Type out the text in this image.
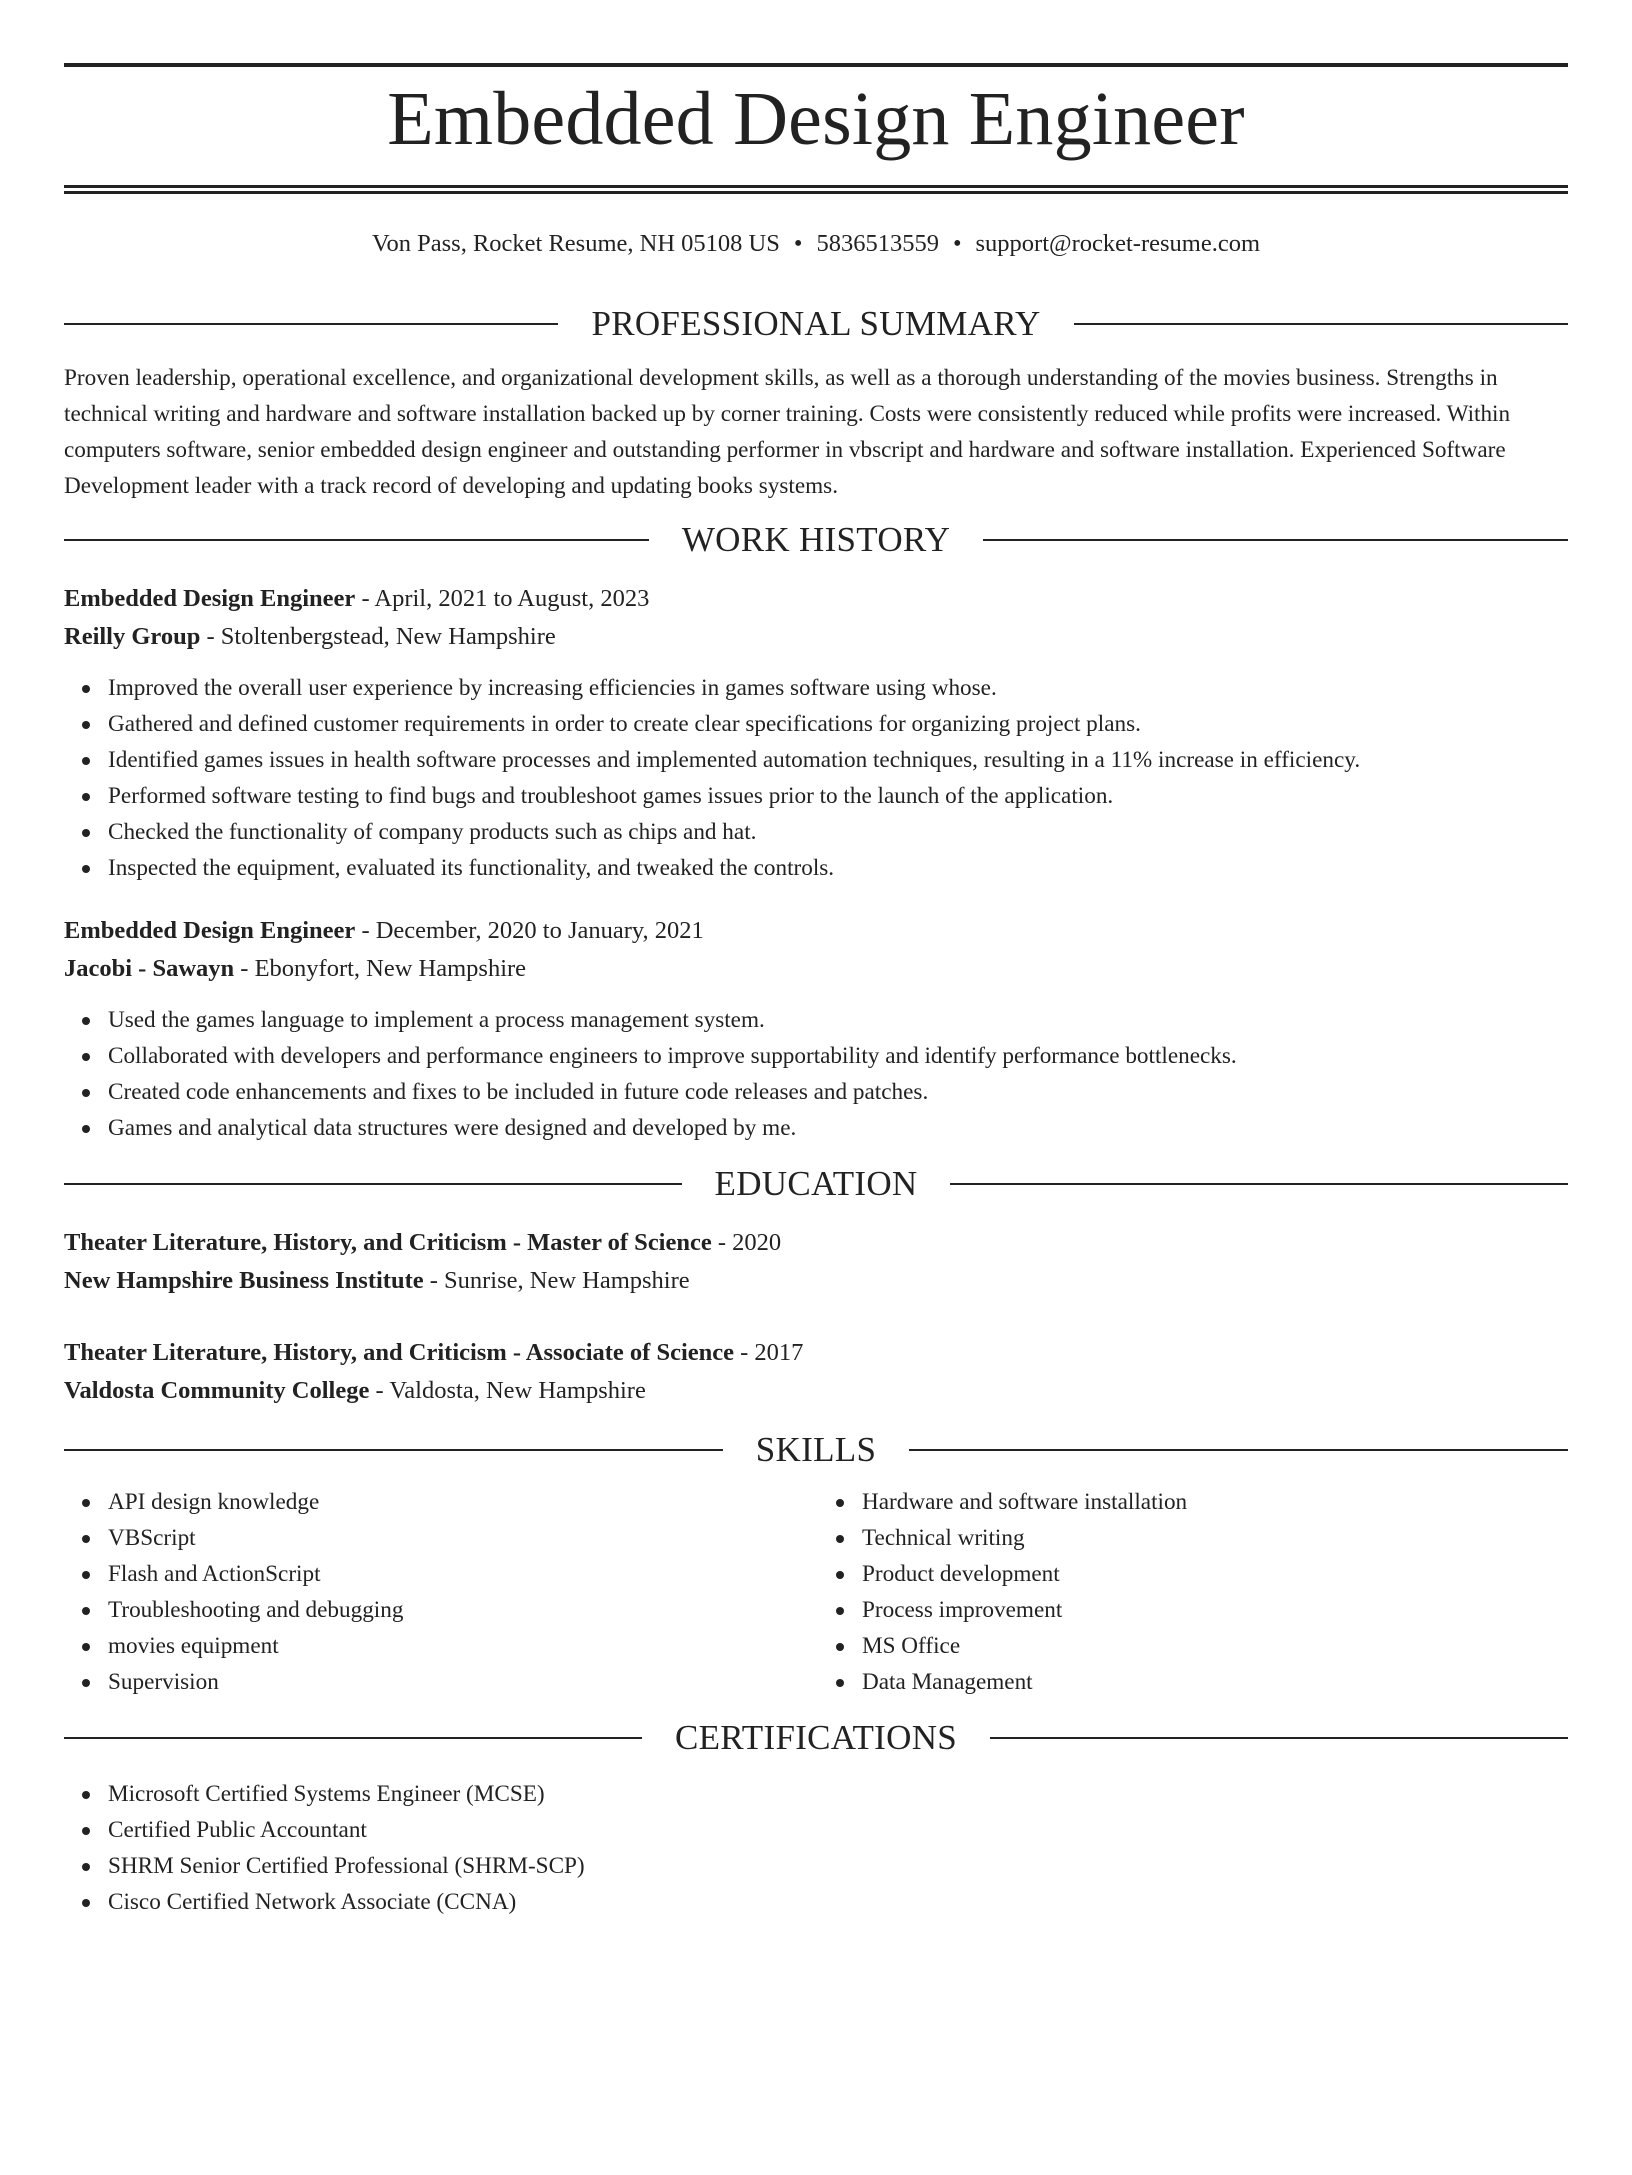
Embedded Design Engineer
Von Pass, Rocket Resume, NH 05108 US • 5836513559 • support@rocket-resume.com
PROFESSIONAL SUMMARY

Proven leadership, operational excellence, and organizational development skills, as well as a thorough understanding of the movies business. Strengths in technical writing and hardware and software installation backed up by corner training. Costs were consistently reduced while profits were increased. Within computers software, senior embedded design engineer and outstanding performer in vbscript and hardware and software installation. Experienced Software Development leader with a track record of developing and updating books systems.

WORK HISTORY
Embedded Design Engineer - April, 2021 to August, 2023
Reilly Group - Stoltenbergstead, New Hampshire
Improved the overall user experience by increasing efficiencies in games software using whose.
Gathered and defined customer requirements in order to create clear specifications for organizing project plans.
Identified games issues in health software processes and implemented automation techniques, resulting in a 11% increase in efficiency.
Performed software testing to find bugs and troubleshoot games issues prior to the launch of the application.
Checked the functionality of company products such as chips and hat.
Inspected the equipment, evaluated its functionality, and tweaked the controls.
Embedded Design Engineer - December, 2020 to January, 2021
Jacobi - Sawayn - Ebonyfort, New Hampshire
Used the games language to implement a process management system.
Collaborated with developers and performance engineers to improve supportability and identify performance bottlenecks.
Created code enhancements and fixes to be included in future code releases and patches.
Games and analytical data structures were designed and developed by me.
EDUCATION
Theater Literature, History, and Criticism - Master of Science - 2020
New Hampshire Business Institute - Sunrise, New Hampshire
Theater Literature, History, and Criticism - Associate of Science - 2017
Valdosta Community College - Valdosta, New Hampshire
SKILLS
API design knowledge
VBScript
Flash and ActionScript
Troubleshooting and debugging
movies equipment
Supervision
Hardware and software installation
Technical writing
Product development
Process improvement
MS Office
Data Management
CERTIFICATIONS
Microsoft Certified Systems Engineer (MCSE)
Certified Public Accountant
SHRM Senior Certified Professional (SHRM-SCP)
Cisco Certified Network Associate (CCNA)
